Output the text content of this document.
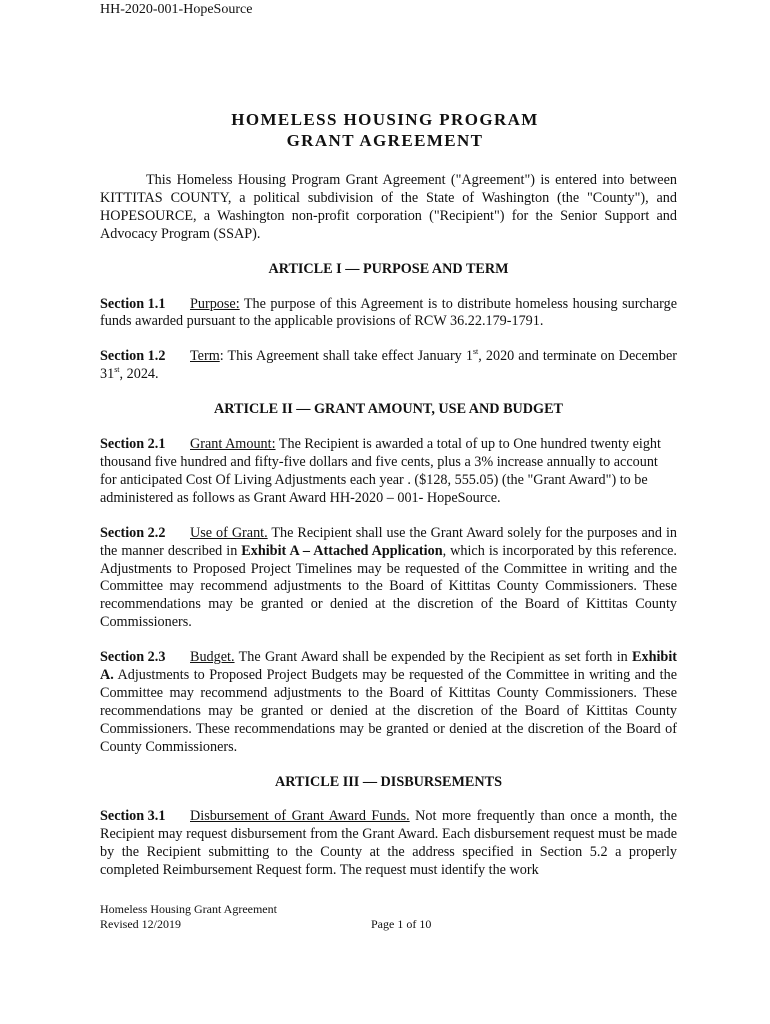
HH-2020-001-HopeSource
HOMELESS HOUSING PROGRAM
GRANT AGREEMENT

This Homeless Housing Program Grant Agreement ("Agreement") is entered into between KITTITAS COUNTY, a political subdivision of the State of Washington (the "County"), and HOPESOURCE, a Washington non-profit corporation ("Recipient") for the Senior Support and Advocacy Program (SSAP).

ARTICLE I — PURPOSE AND TERM

Section 1.1 Purpose: The purpose of this Agreement is to distribute homeless housing surcharge funds awarded pursuant to the applicable provisions of RCW 36.22.179-1791.

Section 1.2 Term: This Agreement shall take effect January 1st, 2020 and terminate on December 31st, 2024.

ARTICLE II — GRANT AMOUNT, USE AND BUDGET

Section 2.1 Grant Amount: The Recipient is awarded a total of up to One hundred twenty eight thousand five hundred and fifty-five dollars and five cents, plus a 3% increase annually to account for anticipated Cost Of Living Adjustments each year . ($128, 555.05) (the "Grant Award") to be administered as follows as Grant Award HH-2020 – 001- HopeSource.

Section 2.2 Use of Grant. The Recipient shall use the Grant Award solely for the purposes and in the manner described in Exhibit A – Attached Application, which is incorporated by this reference. Adjustments to Proposed Project Timelines may be requested of the Committee in writing and the Committee may recommend adjustments to the Board of Kittitas County Commissioners. These recommendations may be granted or denied at the discretion of the Board of Kittitas County Commissioners.

Section 2.3 Budget. The Grant Award shall be expended by the Recipient as set forth in Exhibit A. Adjustments to Proposed Project Budgets may be requested of the Committee in writing and the Committee may recommend adjustments to the Board of Kittitas County Commissioners. These recommendations may be granted or denied at the discretion of the Board of Kittitas County Commissioners. These recommendations may be granted or denied at the discretion of the Board of County Commissioners.

ARTICLE III — DISBURSEMENTS

Section 3.1 Disbursement of Grant Award Funds. Not more frequently than once a month, the Recipient may request disbursement from the Grant Award. Each disbursement request must be made by the Recipient submitting to the County at the address specified in Section 5.2 a properly completed Reimbursement Request form. The request must identify the work

Homeless Housing Grant Agreement
Revised 12/2019	Page 1 of 10
